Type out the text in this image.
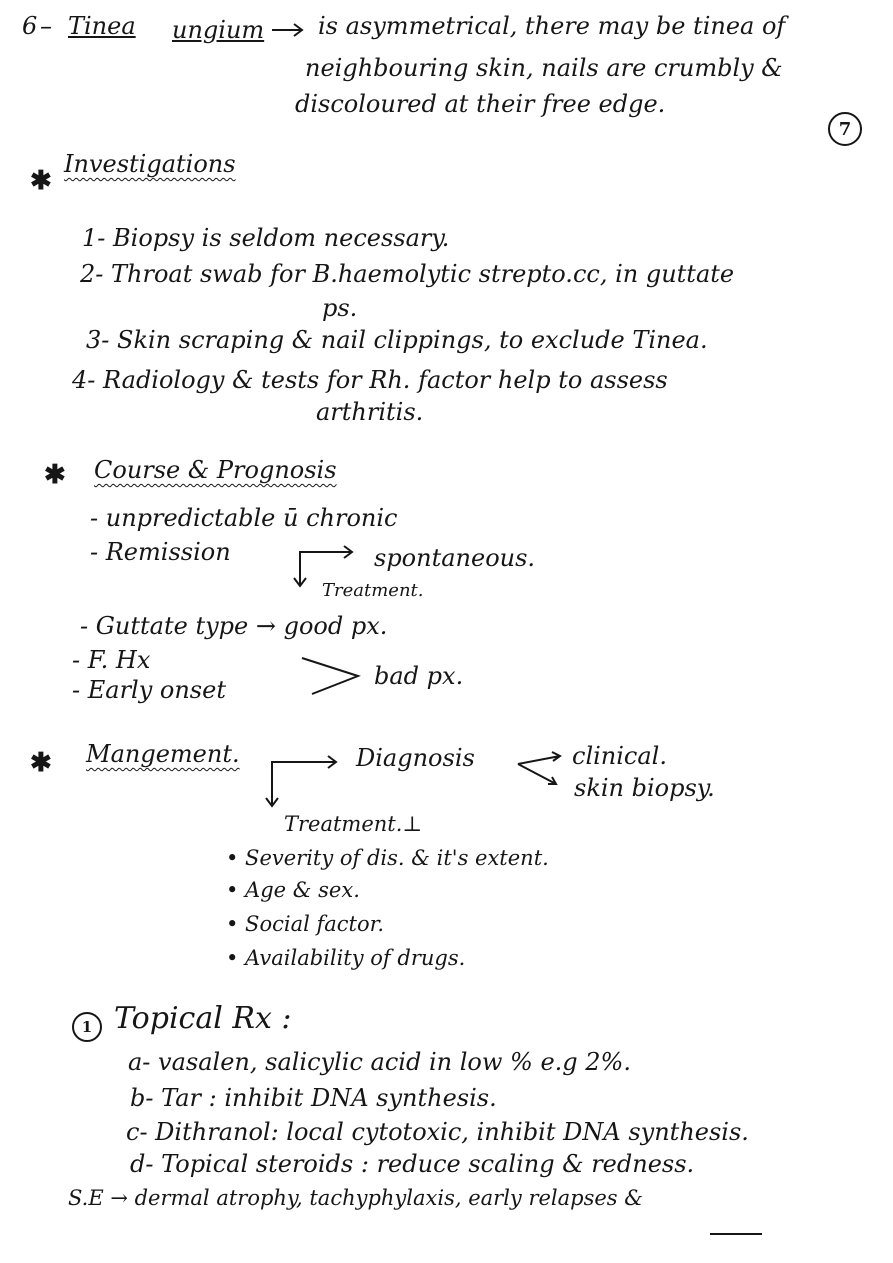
7
6 – Tinea ungium is asymmetrical, there may be tinea of
neighbouring skin, nails are crumbly &
discoloured at their free edge.
✱
Investigations
1- Biopsy is seldom necessary.
2- Throat swab for B.haemolytic strepto.cc, in guttate
ps.
3- Skin scraping & nail clippings, to exclude Tinea.
4- Radiology & tests for Rh. factor help to assess
arthritis.
✱ Course & Prognosis
- unpredictable ū chronic
- Remission	spontaneous.
Treatment.
- Guttate type → good px.
- F. Hx
- Early onset	bad px.
✱ Mangement.	Diagnosis	clinical.
skin biopsy.
Treatment.⊥
• Severity of dis. & it's extent.
• Age & sex.
• Social factor.
• Availability of drugs.
1 Topical Rx :
a- vasalen, salicylic acid in low % e.g 2%.
b- Tar : inhibit DNA synthesis.
c- Dithranol: local cytotoxic, inhibit DNA synthesis.
d- Topical steroids : reduce scaling & redness.
S.E → dermal atrophy, tachyphylaxis, early relapses &
